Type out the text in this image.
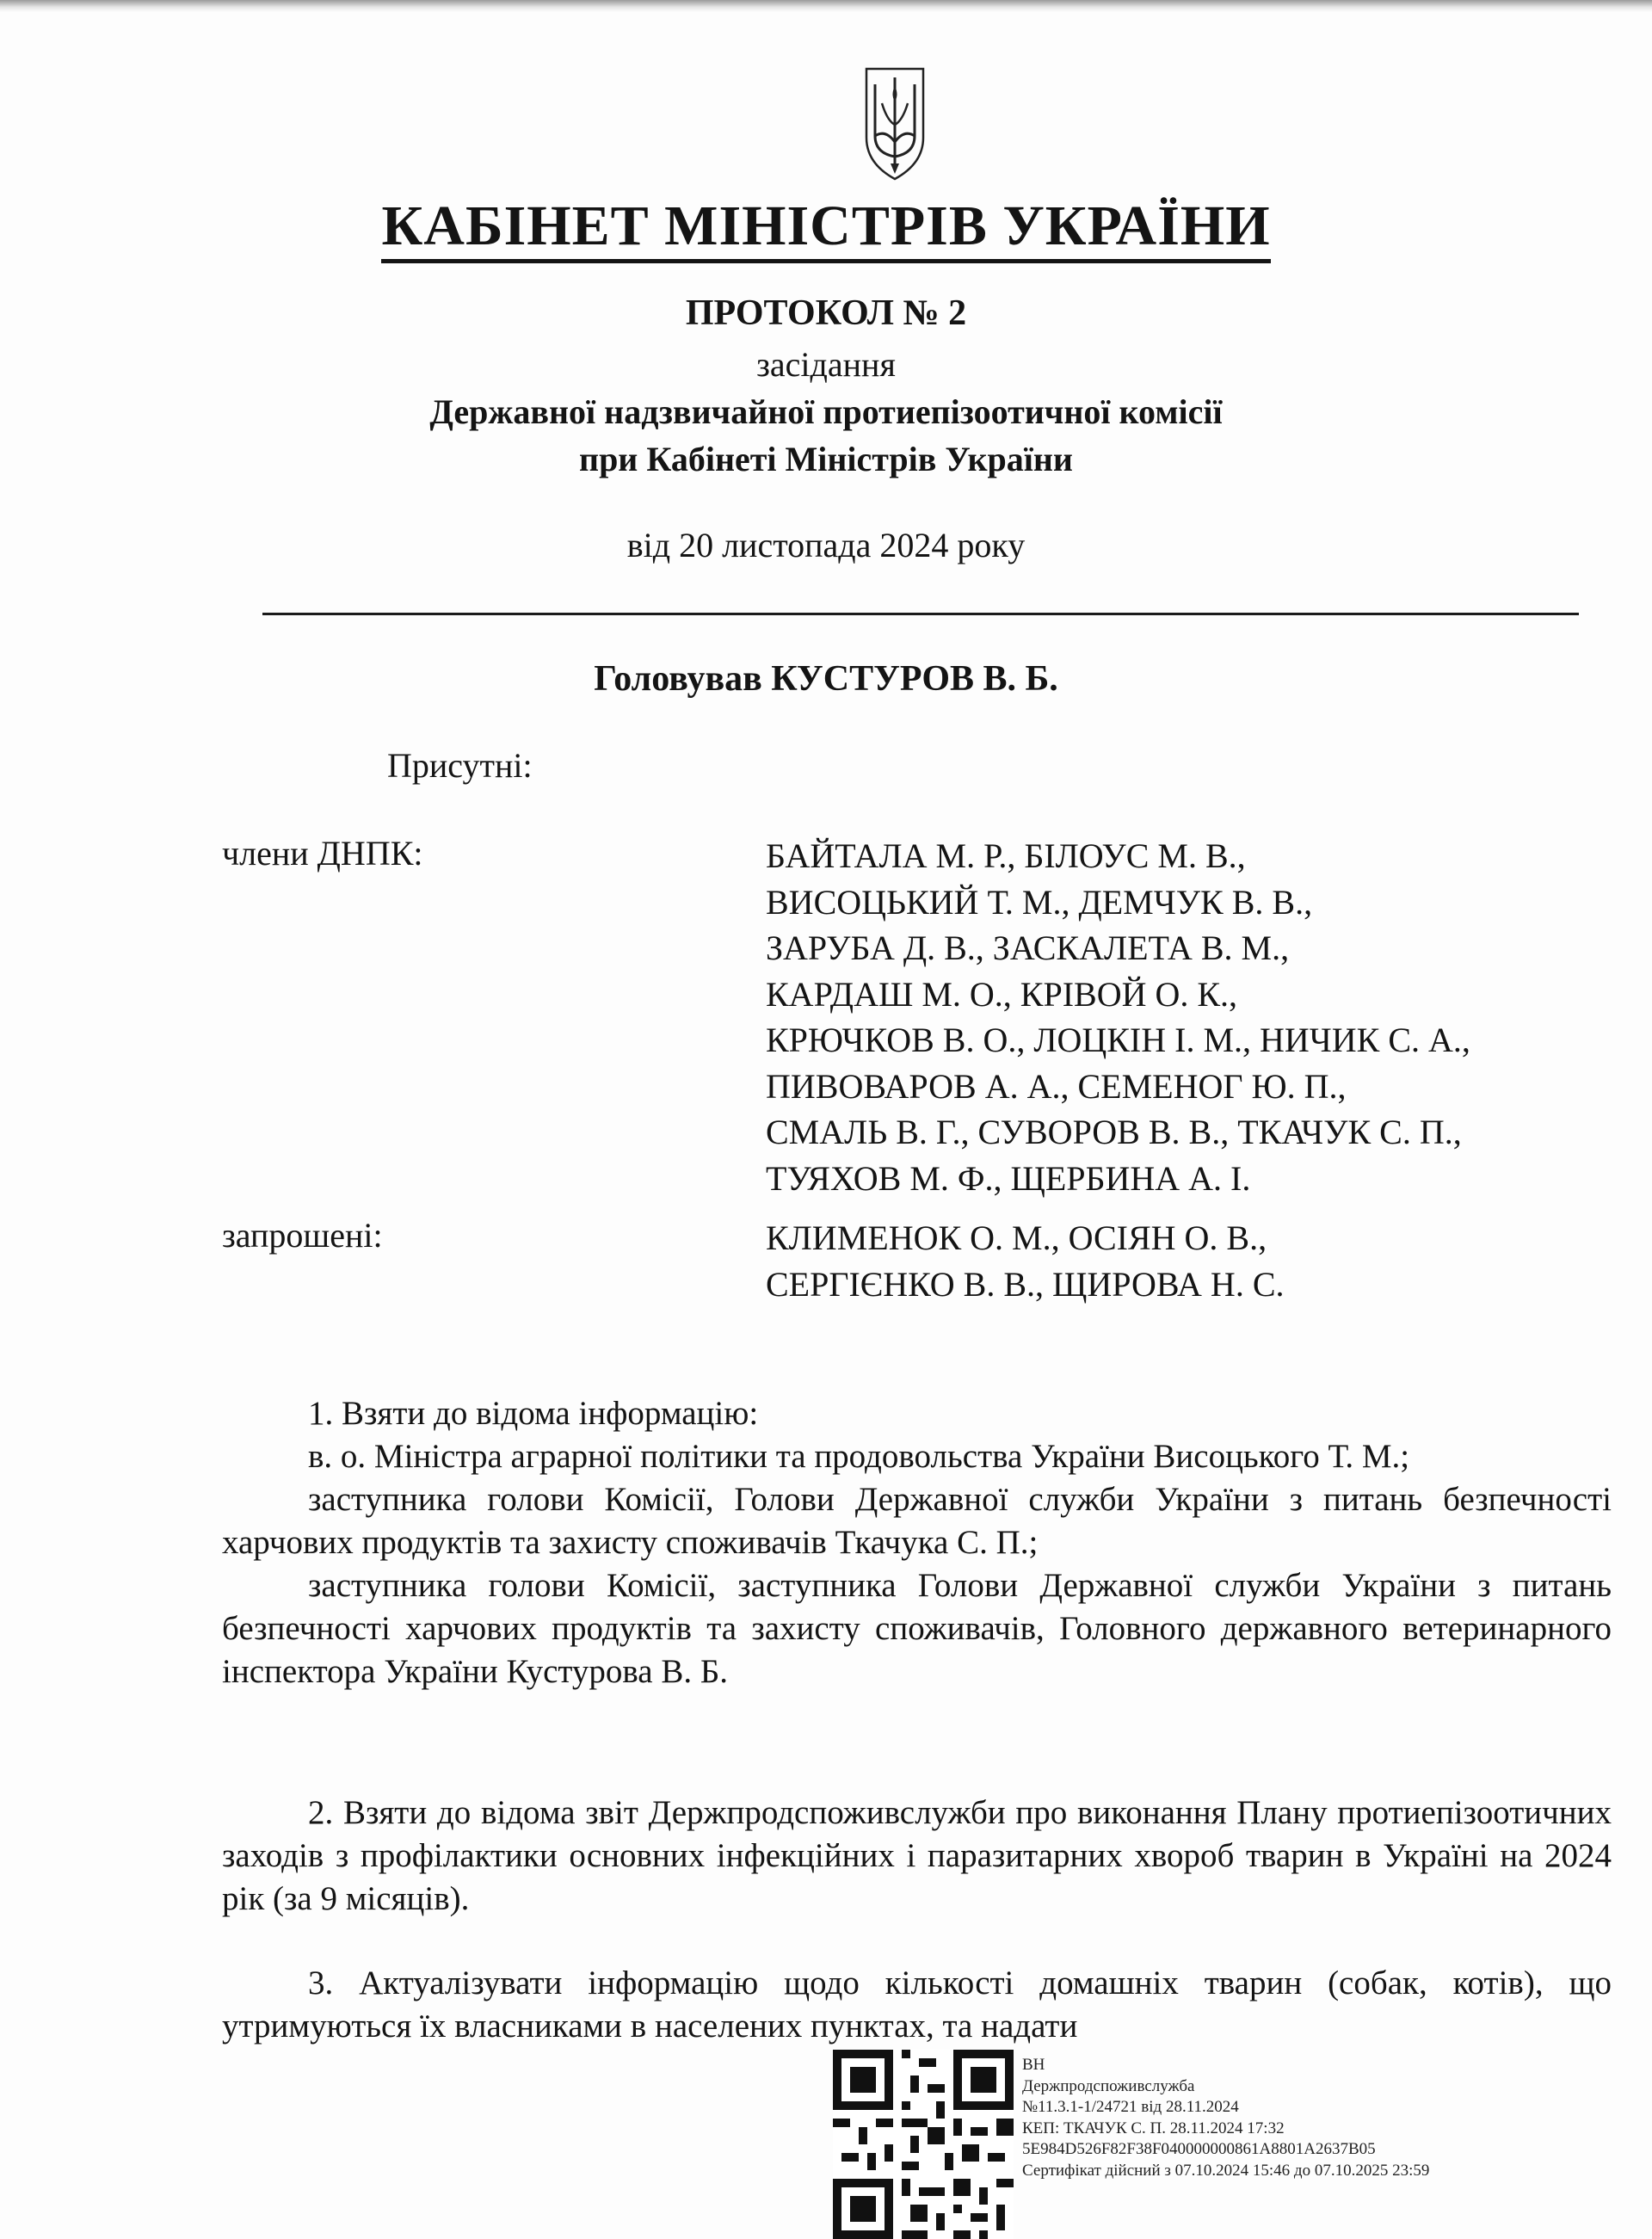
КАБІНЕТ МІНІСТРІВ УКРАЇНИ
ПРОТОКОЛ № 2
засідання
Державної надзвичайної протиепізоотичної комісії
при Кабінеті Міністрів України
від 20 листопада 2024 року
Головував КУСТУРОВ В. Б.
Присутні:
члени ДНПК:	БАЙТАЛА М. Р., БІЛОУС М. В.,
ВИСОЦЬКИЙ Т. М., ДЕМЧУК В. В.,
ЗАРУБА Д. В., ЗАСКАЛЕТА В. М.,
КАРДАШ М. О., КРІВОЙ О. К.,
КРЮЧКОВ В. О., ЛОЦКІН І. М., НИЧИК С. А.,
ПИВОВАРОВ А. А., СЕМЕНОГ Ю. П.,
СМАЛЬ В. Г., СУВОРОВ В. В., ТКАЧУК С. П.,
ТУЯХОВ М. Ф., ЩЕРБИНА А. І.
запрошені:	КЛИМЕНОК О. М., ОСІЯН О. В.,
СЕРГІЄНКО В. В., ЩИРОВА Н. С.

1. Взяти до відома інформацію:

в. о. Міністра аграрної політики та продовольства України Висоцького Т. М.;

заступника голови Комісії, Голови Державної служби України з питань безпечності харчових продуктів та захисту споживачів Ткачука С. П.;

заступника голови Комісії, заступника Голови Державної служби України з питань безпечності харчових продуктів та захисту споживачів, Головного державного ветеринарного інспектора України Кустурова В. Б.

2. Взяти до відома звіт Держпродспоживслужби про виконання Плану протиепізоотичних заходів з профілактики основних інфекційних і паразитарних хвороб тварин в Україні на 2024 рік (за 9 місяців).

3. Актуалізувати інформацію щодо кількості домашніх тварин (собак, котів), що утримуються їх власниками в населених пунктах, та надати

ВН
Держпродспоживслужба
№11.3.1-1/24721 від 28.11.2024
КЕП: ТКАЧУК С. П. 28.11.2024 17:32
5E984D526F82F38F040000000861A8801A2637B05
Сертифікат дійсний з 07.10.2024 15:46 до 07.10.2025 23:59
